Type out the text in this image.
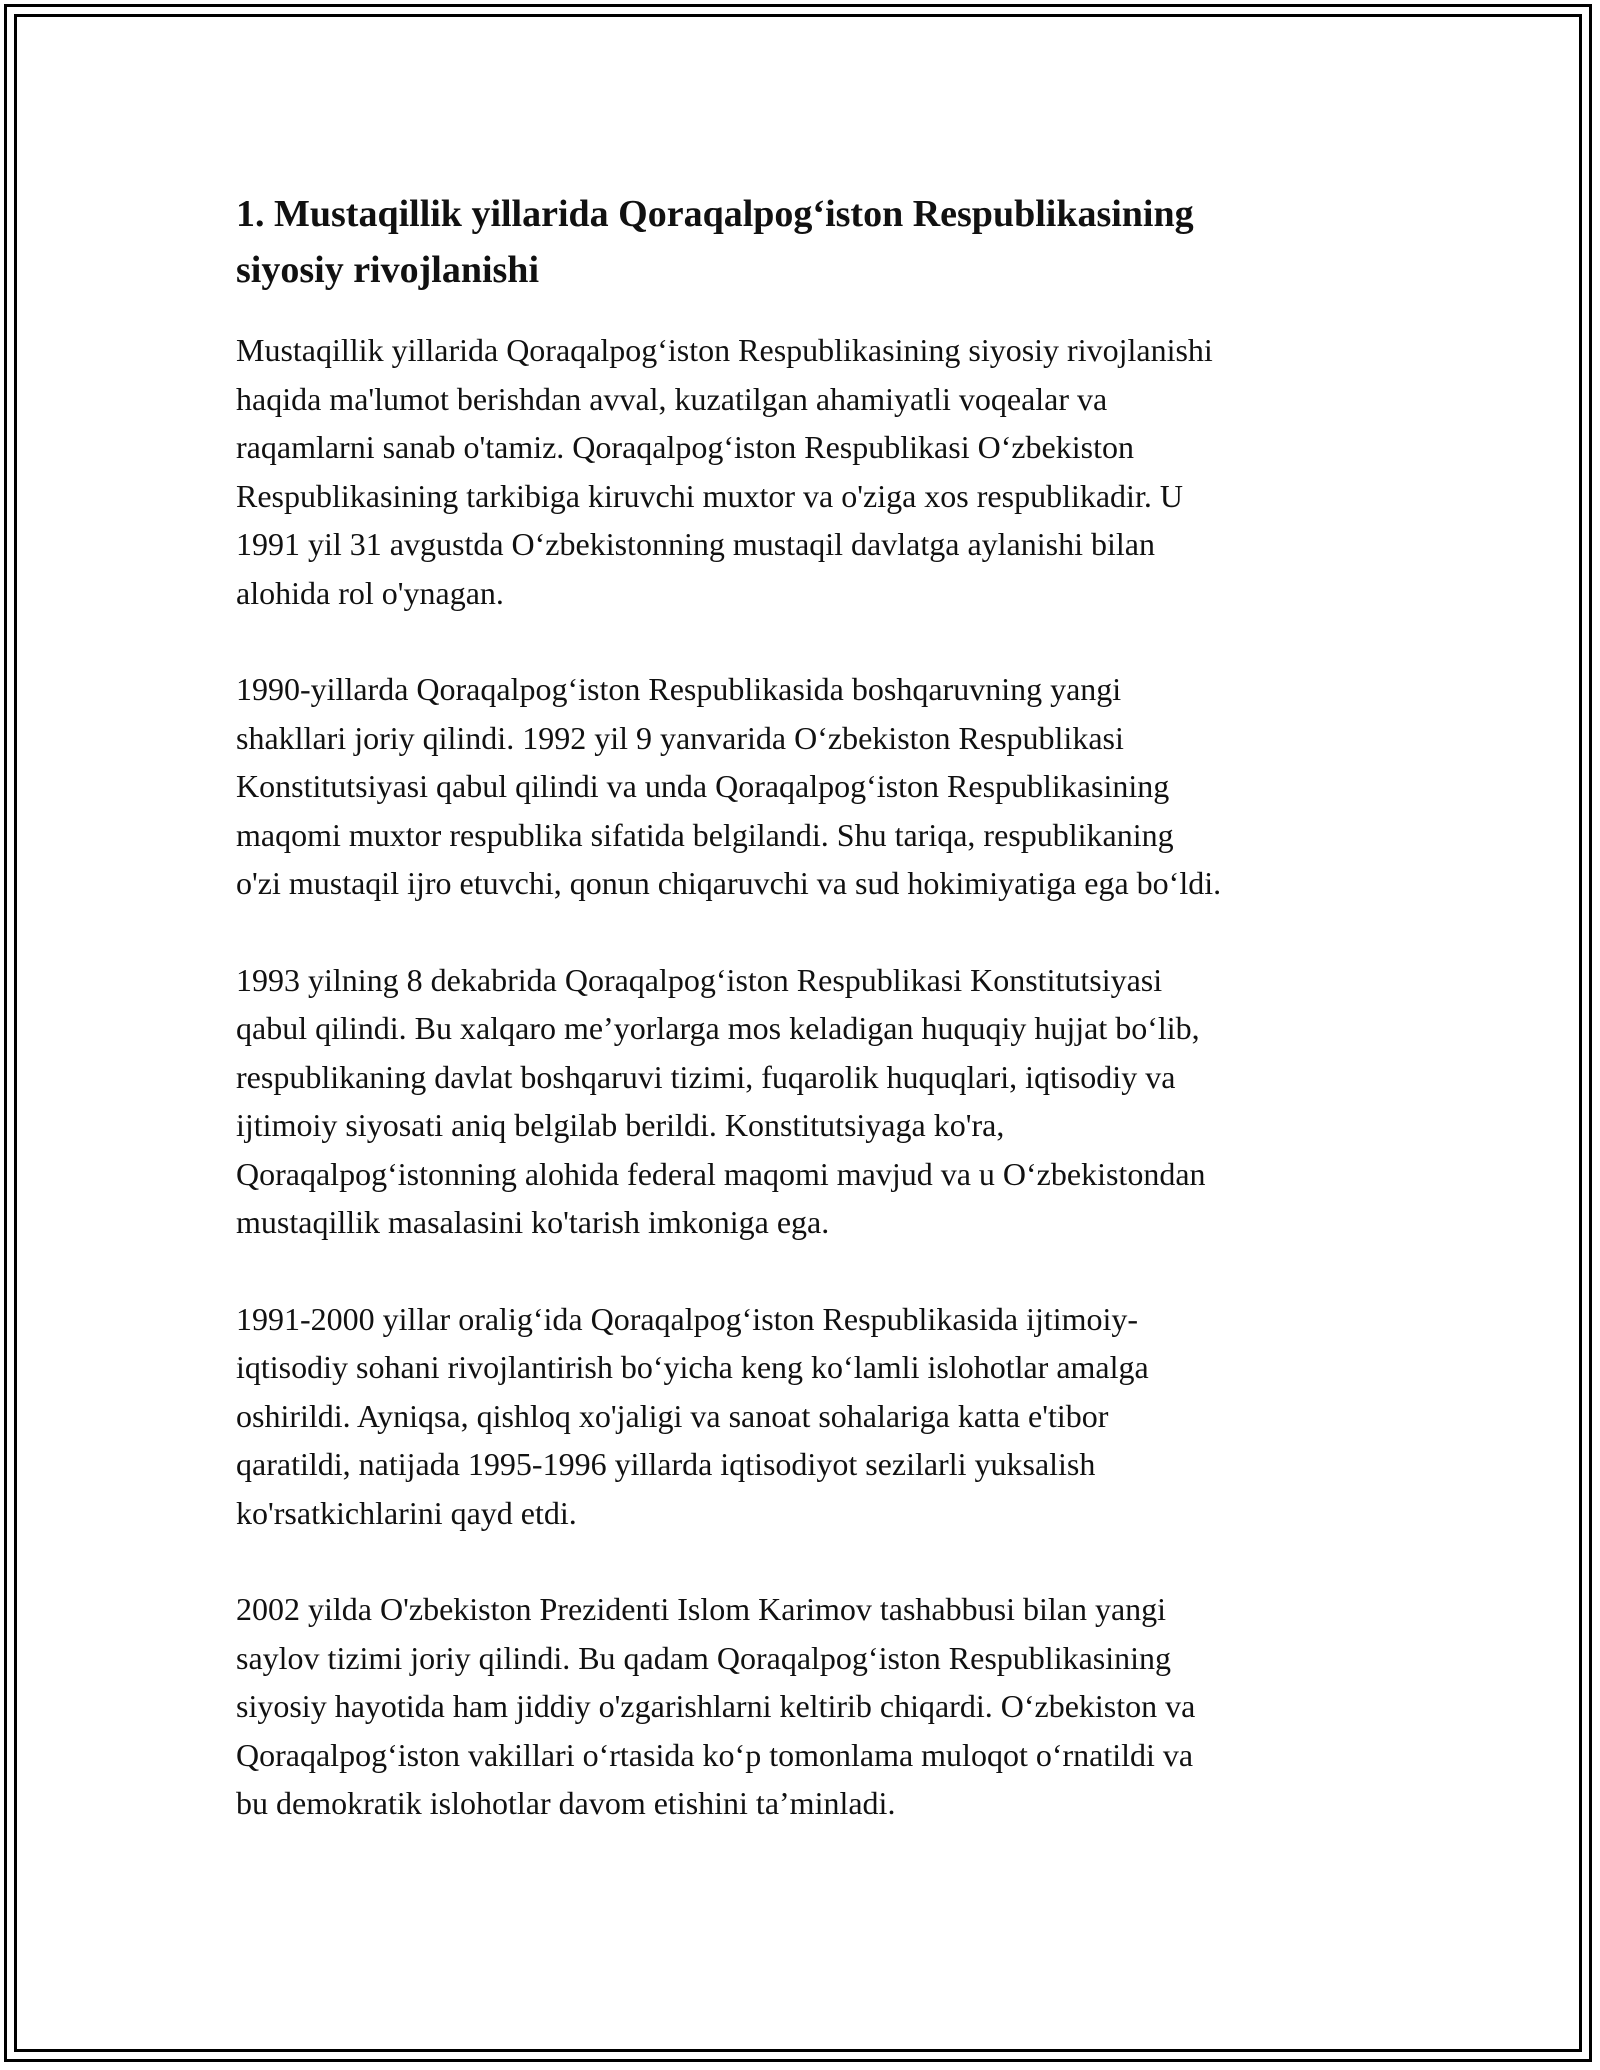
1. Mustaqillik yillarida Qoraqalpog‘iston Respublikasining
siyosiy rivojlanishi

Mustaqillik yillarida Qoraqalpog‘iston Respublikasining siyosiy rivojlanishi
haqida ma'lumot berishdan avval, kuzatilgan ahamiyatli voqealar va
raqamlarni sanab o'tamiz. Qoraqalpog‘iston Respublikasi O‘zbekiston
Respublikasining tarkibiga kiruvchi muxtor va o'ziga xos respublikadir. U
1991 yil 31 avgustda O‘zbekistonning mustaqil davlatga aylanishi bilan
alohida rol o'ynagan.

1990-yillarda Qoraqalpog‘iston Respublikasida boshqaruvning yangi
shakllari joriy qilindi. 1992 yil 9 yanvarida O‘zbekiston Respublikasi
Konstitutsiyasi qabul qilindi va unda Qoraqalpog‘iston Respublikasining
maqomi muxtor respublika sifatida belgilandi. Shu tariqa, respublikaning
o'zi mustaqil ijro etuvchi, qonun chiqaruvchi va sud hokimiyatiga ega bo‘ldi.

1993 yilning 8 dekabrida Qoraqalpog‘iston Respublikasi Konstitutsiyasi
qabul qilindi. Bu xalqaro me’yorlarga mos keladigan huquqiy hujjat bo‘lib,
respublikaning davlat boshqaruvi tizimi, fuqarolik huquqlari, iqtisodiy va
ijtimoiy siyosati aniq belgilab berildi. Konstitutsiyaga ko'ra,
Qoraqalpog‘istonning alohida federal maqomi mavjud va u O‘zbekistondan
mustaqillik masalasini ko'tarish imkoniga ega.

1991-2000 yillar oralig‘ida Qoraqalpog‘iston Respublikasida ijtimoiy-
iqtisodiy sohani rivojlantirish bo‘yicha keng ko‘lamli islohotlar amalga
oshirildi. Ayniqsa, qishloq xo'jaligi va sanoat sohalariga katta e'tibor
qaratildi, natijada 1995-1996 yillarda iqtisodiyot sezilarli yuksalish
ko'rsatkichlarini qayd etdi.

2002 yilda O'zbekiston Prezidenti Islom Karimov tashabbusi bilan yangi
saylov tizimi joriy qilindi. Bu qadam Qoraqalpog‘iston Respublikasining
siyosiy hayotida ham jiddiy o'zgarishlarni keltirib chiqardi. O‘zbekiston va
Qoraqalpog‘iston vakillari o‘rtasida ko‘p tomonlama muloqot o‘rnatildi va
bu demokratik islohotlar davom etishini ta’minladi.
